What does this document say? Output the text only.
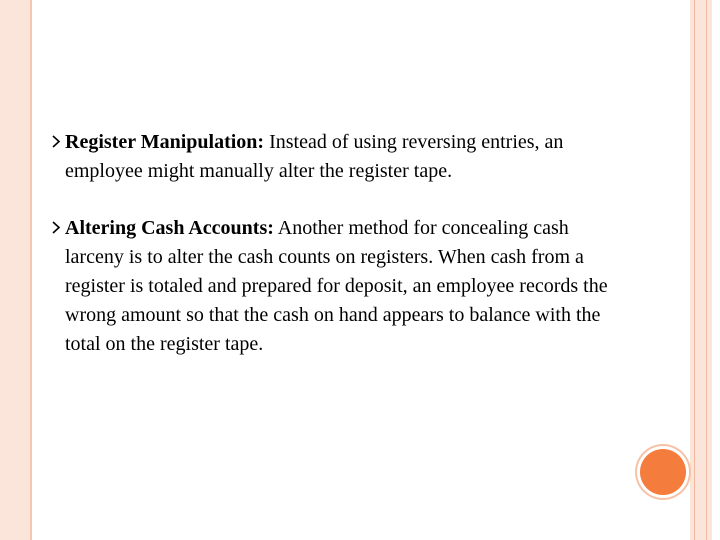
Register Manipulation: Instead of using reversing entries, an employee might manually alter the register tape.
Altering Cash Accounts: Another method for concealing cash larceny is to alter the cash counts on registers. When cash from a register is totaled and prepared for deposit, an employee records the wrong amount so that the cash on hand appears to balance with the total on the register tape.
